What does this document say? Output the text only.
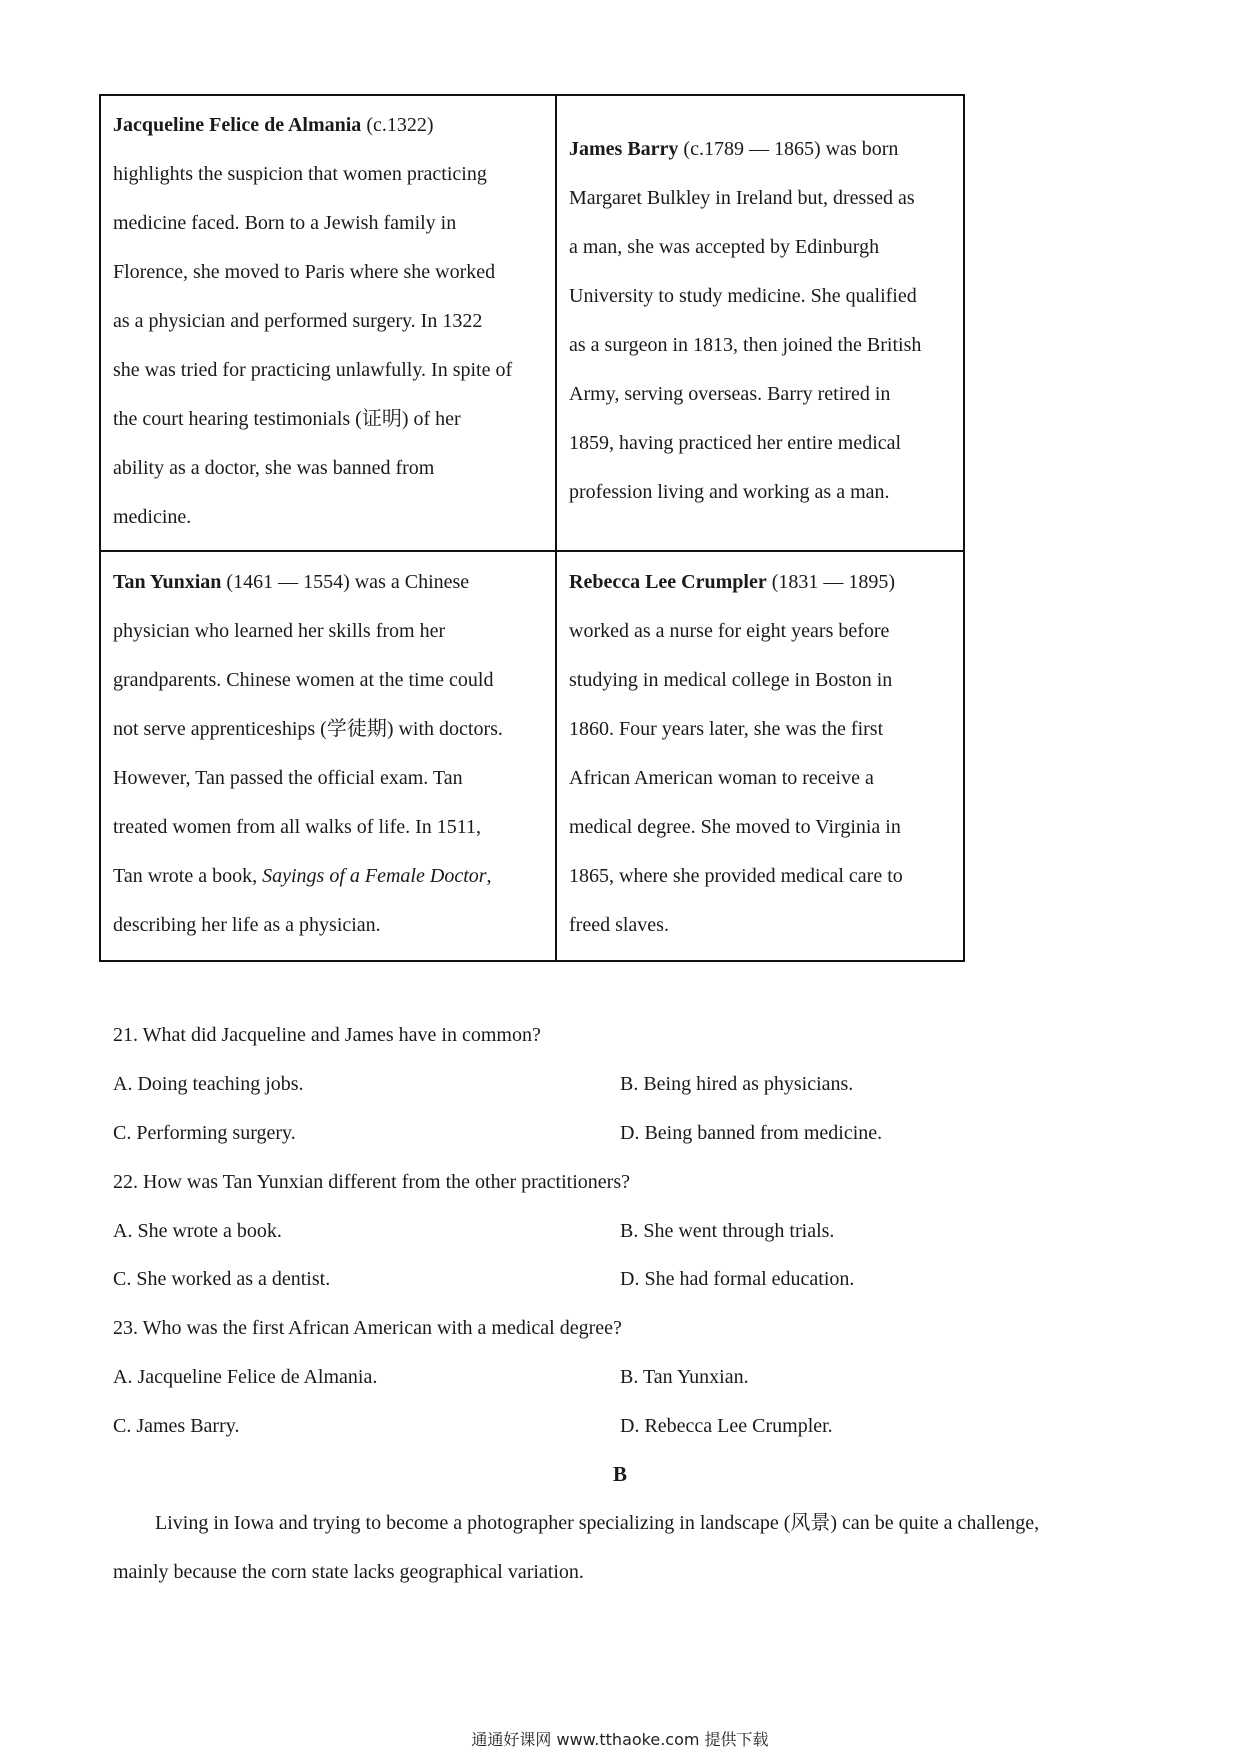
Jacqueline Felice de Almania (c.1322)
highlights the suspicion that women practicing
medicine faced. Born to a Jewish family in
Florence, she moved to Paris where she worked
as a physician and performed surgery. In 1322
she was tried for practicing unlawfully. In spite of
the court hearing testimonials (证明) of her
ability as a doctor, she was banned from
medicine.
James Barry (c.1789 — 1865) was born
Margaret Bulkley in Ireland but, dressed as
a man, she was accepted by Edinburgh
University to study medicine. She qualified
as a surgeon in 1813, then joined the British
Army, serving overseas. Barry retired in
1859, having practiced her entire medical
profession living and working as a man.
Tan Yunxian (1461 — 1554) was a Chinese
physician who learned her skills from her
grandparents. Chinese women at the time could
not serve apprenticeships (学徒期) with doctors.
However, Tan passed the official exam. Tan
treated women from all walks of life. In 1511,
Tan wrote a book, Sayings of a Female Doctor,
describing her life as a physician.
Rebecca Lee Crumpler (1831 — 1895)
worked as a nurse for eight years before
studying in medical college in Boston in
1860. Four years later, she was the first
African American woman to receive a
medical degree. She moved to Virginia in
1865, where she provided medical care to
freed slaves.
21. What did Jacqueline and James have in common?
A. Doing teaching jobs.	B. Being hired as physicians.
C. Performing surgery.	D. Being banned from medicine.
22. How was Tan Yunxian different from the other practitioners?
A. She wrote a book.	B. She went through trials.
C. She worked as a dentist.	D. She had formal education.
23. Who was the first African American with a medical degree?
A. Jacqueline Felice de Almania.	B. Tan Yunxian.
C. James Barry.	D. Rebecca Lee Crumpler.
B
Living in Iowa and trying to become a photographer specializing in landscape (风景) can be quite a challenge,
mainly because the corn state lacks geographical variation.
通通好课网 www.tthaoke.com 提供下载
